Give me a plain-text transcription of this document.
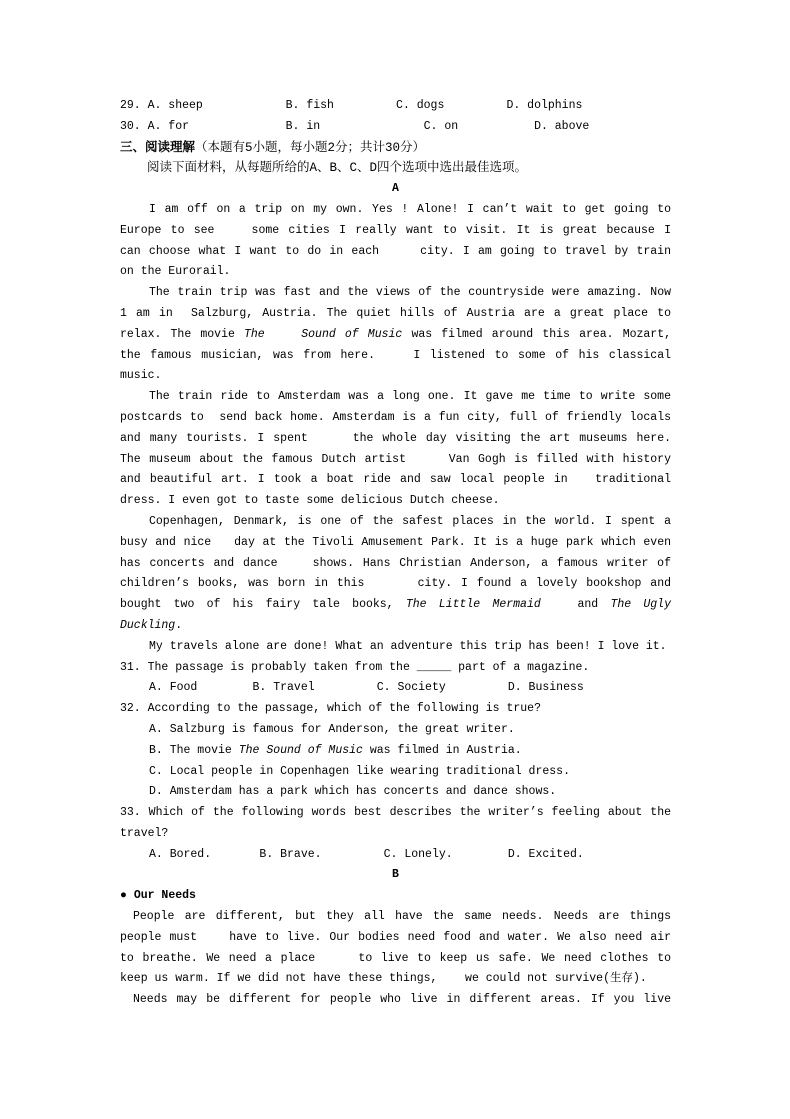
29. A. sheep            B. fish         C. dogs         D. dolphins
30. A. for              B. in               C. on           D. above
三、阅读理解（本题有5小题，每小题2分；共计30分）
阅读下面材料，从每题所给的A、B、C、D四个选项中选出最佳选项。
A
I am off on a trip on my own. Yes ! Alone! I can’t wait to get going to
Europe to see    some cities I really want to visit. It is great because I
can choose what I want to do in each     city. I am going to travel by train
on the Eurorail.
The train trip was fast and the views of the countryside were amazing. Now
1 am in  Salzburg, Austria. The quiet hills of Austria are a great place to
relax. The movie The	Sound of Music was filmed around this area. Mozart,
the famous musician, was from here.    I listened to some of his classical
music.
The train ride to Amsterdam was a long one. It gave me time to write some
postcards to  send back home. Amsterdam is a fun city, full of friendly locals
and many tourists. I spent     the whole day visiting the art museums here.
The museum about the famous Dutch artist     Van Gogh is filled with history
and beautiful art. I took a boat ride and saw local people in   traditional
dress. I even got to taste some delicious Dutch cheese.
Copenhagen, Denmark, is one of the safest places in the world. I spent a
busy and nice   day at the Tivoli Amusement Park. It is a huge park which even
has concerts and dance    shows. Hans Christian Anderson, a famous writer of
children’s books, was born in this      city. I found a lovely bookshop and
bought two of his fairy tale books, The Little Mermaid   and The Ugly
Duckling.
My travels alone are done! What an adventure this trip has been! I love it.
31. The passage is probably taken from the _____ part of a magazine.
A. Food        B. Travel         C. Society         D. Business
32. According to the passage, which of the following is true?
A. Salzburg is famous for Anderson, the great writer.
B. The movie The Sound of Music was filmed in Austria.
C. Local people in Copenhagen like wearing traditional dress.
D. Amsterdam has a park which has concerts and dance shows.
33. Which of the following words best describes the writer’s feeling about the
travel?
A. Bored.       B. Brave.         C. Lonely.        D. Excited.
B
● Our Needs
People are different, but they all have the same needs. Needs are things
people must    have to live. Our bodies need food and water. We also need air
to breathe. We need a place     to live to keep us safe. We need clothes to
keep us warm. If we did not have these things,    we could not survive(生存).
Needs may be different for people who live in different areas. If you live
